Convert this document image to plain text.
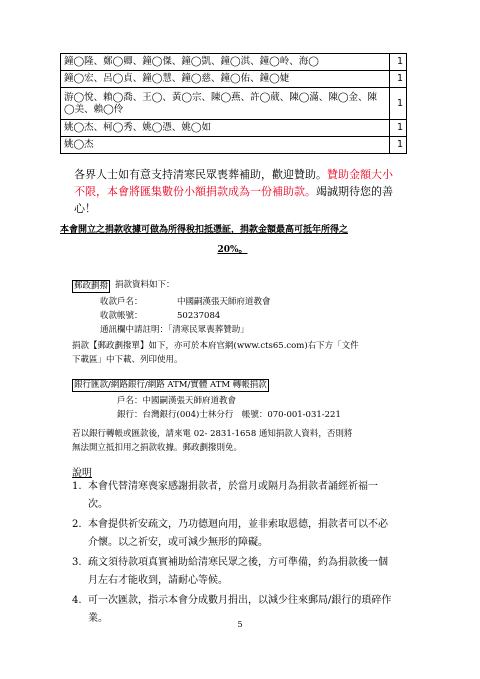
鐘◯隆、鄭◯卿、鐘◯傑、鐘◯凱、鐘◯淇、鐘◯岭、海◯	1
鐘◯宏、呂◯貞、鐘◯慧、鐘◯慈、鐘◯佑、鐘◯婕	1
游◯悅、賴◯喬、王◯、黃◯宗、陳◯燕、許◯葳、陳◯滿、陳◯金、陳◯美、賴◯伶	1
姚◯杰、柯◯秀、姚◯憑、姚◯如	1
姚◯杰	1
各界人士如有意支持清寒民眾喪葬補助，歡迎贊助。贊助金額大小不限，本會將匯集數份小額捐款成為一份補助款。竭誠期待您的善心！
本會開立之捐款收據可做為所得稅扣抵憑証，捐款金額最高可抵年所得之
20%。
郵政劃撥 捐款資料如下：
收款戶名：	中國嗣漢張天師府道教會
收款帳號：	50237084
通訊欄中請註明：「清寒民眾喪葬贊助」
捐款【郵政劃撥單】如下，亦可於本府官網(www.cts65.com)右下方「文件
下載區」中下載、列印使用。
銀行匯款/網路銀行/網路 ATM/實體 ATM 轉帳捐款
戶名：中國嗣漢張天師府道教會
銀行：台灣銀行(004)士林分行　帳號：070-001-031-221
若以銀行轉帳或匯款後，請來電 02- 2831-1658 通知捐款人資料，否則將
無法開立抵扣用之捐款收據。郵政劃撥則免。
說明
1. 本會代替清寒喪家感謝捐款者，於當月或隔月為捐款者誦經祈福一次。
2. 本會提供祈安疏文，乃功德迴向用，並非索取恩德，捐款者可以不必介懷。以之祈安，或可減少無形的障礙。
3. 疏文須待款項真實補助給清寒民眾之後，方可準備，約為捐款後一個月左右才能收到，請耐心等候。
4. 可一次匯款，指示本會分成數月捐出，以減少往來郵局/銀行的瑣碎作業。
5
